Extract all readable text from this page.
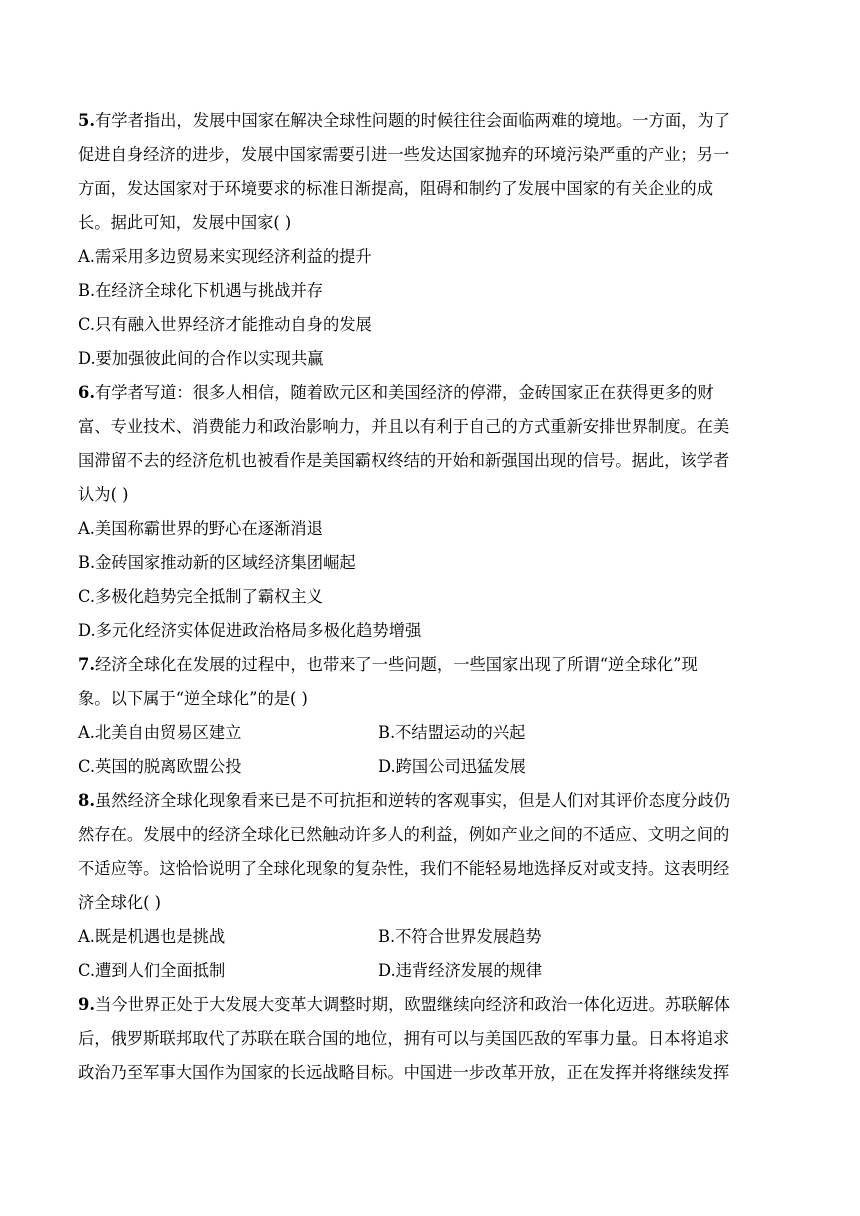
5.有学者指出，发展中国家在解决全球性问题的时候往往会面临两难的境地。一方面，为了
促进自身经济的进步，发展中国家需要引进一些发达国家抛弃的环境污染严重的产业；另一
方面，发达国家对于环境要求的标准日渐提高，阻碍和制约了发展中国家的有关企业的成
长。据此可知，发展中国家( )
A.需采用多边贸易来实现经济利益的提升
B.在经济全球化下机遇与挑战并存
C.只有融入世界经济才能推动自身的发展
D.要加强彼此间的合作以实现共赢
6.有学者写道：很多人相信，随着欧元区和美国经济的停滞，金砖国家正在获得更多的财
富、专业技术、消费能力和政治影响力，并且以有利于自己的方式重新安排世界制度。在美
国滞留不去的经济危机也被看作是美国霸权终结的开始和新强国出现的信号。据此，该学者
认为( )
A.美国称霸世界的野心在逐渐消退
B.金砖国家推动新的区域经济集团崛起
C.多极化趋势完全抵制了霸权主义
D.多元化经济实体促进政治格局多极化趋势增强
7.经济全球化在发展的过程中，也带来了一些问题，一些国家出现了所谓“逆全球化”现
象。以下属于“逆全球化”的是( )
A.北美自由贸易区建立	B.不结盟运动的兴起
C.英国的脱离欧盟公投	D.跨国公司迅猛发展
8.虽然经济全球化现象看来已是不可抗拒和逆转的客观事实，但是人们对其评价态度分歧仍
然存在。发展中的经济全球化已然触动许多人的利益，例如产业之间的不适应、文明之间的
不适应等。这恰恰说明了全球化现象的复杂性，我们不能轻易地选择反对或支持。这表明经
济全球化( )
A.既是机遇也是挑战	B.不符合世界发展趋势
C.遭到人们全面抵制	D.违背经济发展的规律
9.当今世界正处于大发展大变革大调整时期，欧盟继续向经济和政治一体化迈进。苏联解体
后，俄罗斯联邦取代了苏联在联合国的地位，拥有可以与美国匹敌的军事力量。日本将追求
政治乃至军事大国作为国家的长远战略目标。中国进一步改革开放，正在发挥并将继续发挥
